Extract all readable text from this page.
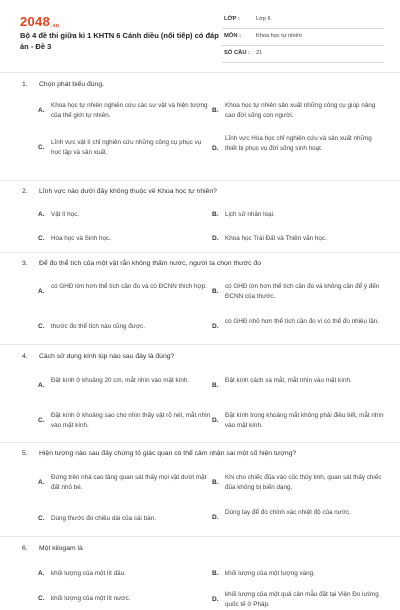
2048.vn
Bộ 4 đề thi giữa kì 1 KHTN 6 Cánh diều (nối tiếp) có đáp án - Đề 3
LỚP :	Lớp 6
MÔN :	Khoa học tự nhiên
SỐ CÂU : 21
1. Chọn phát biểu đúng.
A.
Khoa học tự nhiên nghiên cứu các sự vật và hiện tượng của thế giới tự nhiên.
B.
Khoa học tự nhiên sản xuất những công cụ giúp nâng cao đời sống con người.
C.
Lĩnh vực vật lí chỉ nghiên cứu những công cụ phục vụ học tập và sản xuất.
D.
Lĩnh vực Hóa học chỉ nghiên cứu và sản xuất những thiết bị phục vụ đời sống sinh hoạt.
2. Lĩnh vực nào dưới đây không thuộc về Khoa học tự nhiên?
A. Vật lí học.	B. Lịch sử nhân loại.
C. Hóa học và Sinh học.	D. Khoa học Trái Đất và Thiên văn học.
3. Để đo thể tích của một vật rắn không thấm nước, người ta chọn thước đo
A.
có GHĐ lớn hơn thể tích cần đo và có ĐCNN thích hợp.
B.
có GHĐ lớn hơn thể tích cần đo và không cần để ý đến ĐCNN của thước.
C. thước đo thể tích nào cũng được.	D.
có GHĐ nhỏ hơn thể tích cần đo vì có thể đo nhiều lần.
4. Cách sử dụng kính lúp nào sau đây là đúng?
A.
Đặt kính ở khoảng 20 cm, mắt nhìn vào mặt kính.
B.
Đặt kính cách xa mắt, mắt nhìn vào mặt kính.
C.
Đặt kính ở khoảng sao cho nhìn thấy vật rõ nét, mắt nhìn vào mặt kính.
D.
Đặt kính trong khoảng mắt không phải điều tiết, mắt nhìn vào mặt kính.
5. Hiện tượng nào sau đây chứng tỏ giác quan có thể cảm nhận sai một số hiện tượng?
A.
Đứng trên nhà cao tầng quan sát thấy mọi vật dưới mặt đất nhỏ bé.
B.
Khi cho chiếc đũa vào cốc thủy tinh, quan sát thấy chiếc đũa không bị biến dạng.
C. Dùng thước đo chiều dài của cái bàn.	D.
Dùng tay để đo chính xác nhiệt độ của nước.
6. Một kilogam là
A. khối lượng của một lít dầu.	B. khối lượng của một lượng vàng.
C. khối lượng của một lít nước.	D.
khối lượng của một quả cân mẫu đặt tại Viện Đo lường quốc tế ở Pháp.
